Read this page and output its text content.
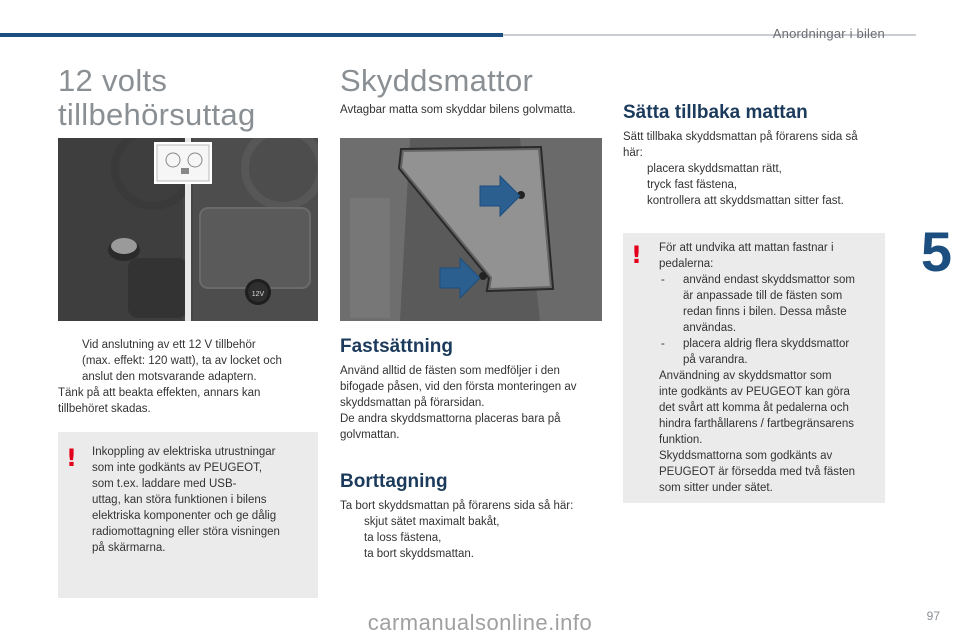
Anordningar i bilen
5
12 volts
tillbehörsuttag
12V
Vid anslutning av ett 12 V tillbehör
(max. effekt: 120 watt), ta av locket och
anslut den motsvarande adaptern.
Tänk på att beakta effekten, annars kan
tillbehöret skadas.
! Inkoppling av elektriska utrustningar
som inte godkänts av PEUGEOT,
som t.ex. laddare med USB-
uttag, kan störa funktionen i bilens
elektriska komponenter och ge dålig
radiomottagning eller störa visningen
på skärmarna.
Skyddsmattor
Avtagbar matta som skyddar bilens golvmatta.
Fastsättning
Använd alltid de fästen som medföljer i den
bifogade påsen, vid den första monteringen av
skyddsmattan på förarsidan.
De andra skyddsmattorna placeras bara på
golvmattan.
Borttagning
Ta bort skyddsmattan på förarens sida så här:
skjut sätet maximalt bakåt,
ta loss fästena,
ta bort skyddsmattan.
Sätta tillbaka mattan
Sätt tillbaka skyddsmattan på förarens sida så
här:
placera skyddsmattan rätt,
tryck fast fästena,
kontrollera att skyddsmattan sitter fast.
! För att undvika att mattan fastnar i
pedalerna:
- använd endast skyddsmattor som
är anpassade till de fästen som
redan finns i bilen. Dessa måste
användas.
- placera aldrig flera skyddsmattor
på varandra.
Användning av skyddsmattor som
inte godkänts av PEUGEOT kan göra
det svårt att komma åt pedalerna och
hindra farthållarens / fartbegränsarens
funktion.
Skyddsmattorna som godkänts av
PEUGEOT är försedda med två fästen
som sitter under sätet.
97
carmanualsonline.info
